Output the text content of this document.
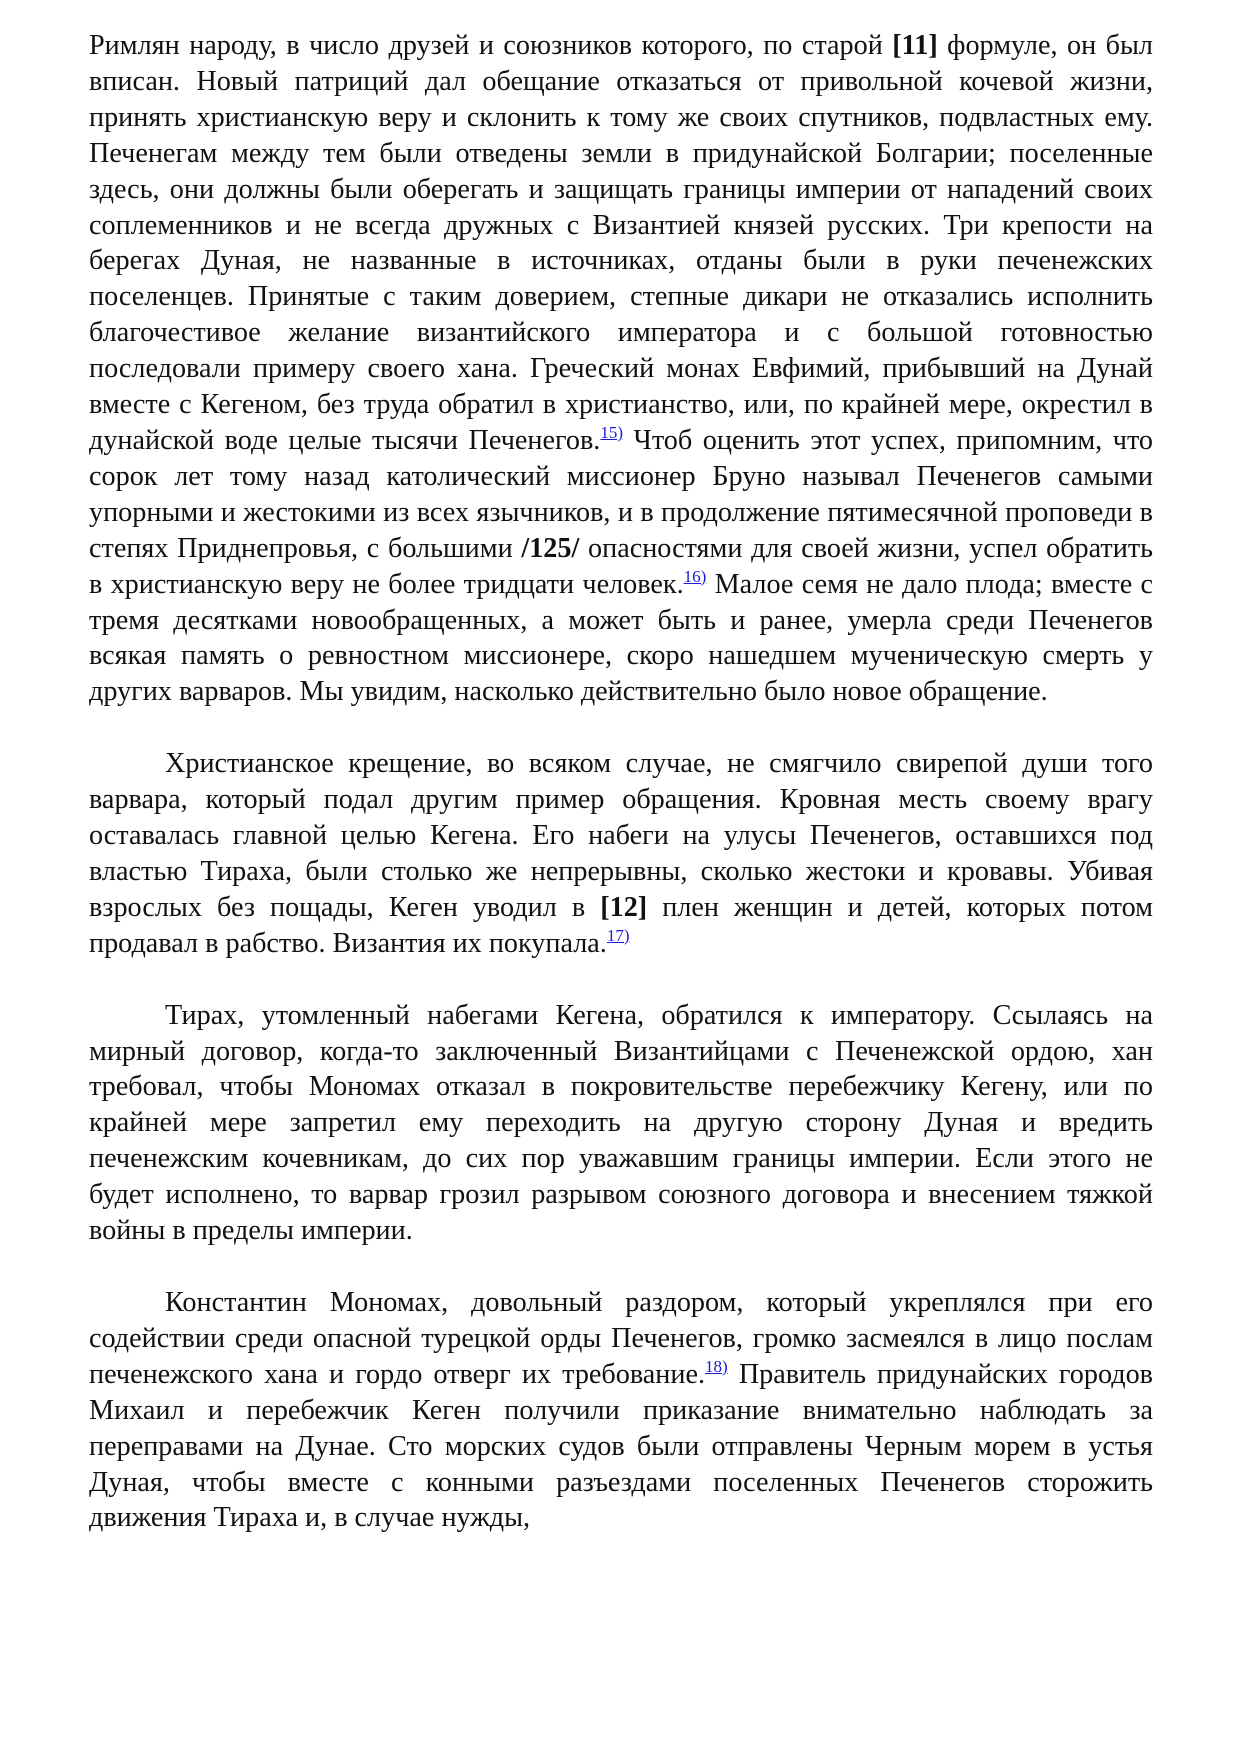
Римлян народу, в число друзей и союзников которого, по старой [11] формуле, он был вписан. Новый патриций дал обещание отказаться от привольной кочевой жизни, принять христианскую веру и склонить к тому же своих спутников, подвластных ему. Печенегам между тем были отведены земли в придунайской Болгарии; поселенные здесь, они должны были оберегать и защищать границы империи от нападений своих соплеменников и не всегда дружных с Византией князей русских. Три крепости на берегах Дуная, не названные в источниках, отданы были в руки печенежских поселенцев. Принятые с таким доверием, степные дикари не отказались исполнить благочестивое желание византийского императора и с большой готовностью последовали примеру своего хана. Греческий монах Евфимий, прибывший на Дунай вместе с Кегеном, без труда обратил в христианство, или, по крайней мере, окрестил в дунайской воде целые тысячи Печенегов.$^{15)}$ Чтоб оценить этот успех, припомним, что сорок лет тому назад католический миссионер Бруно называл Печенегов самыми упорными и жестокими из всех язычников, и в продолжение пятимесячной проповеди в степях Приднепровья, с большими /125/ опасностями для своей жизни, успел обратить в христианскую веру не более тридцати человек.$^{16)}$ Малое семя не дало плода; вместе с тремя десятками новообращенных, а может быть и ранее, умерла среди Печенегов всякая память о ревностном миссионере, скоро нашедшем мученическую смерть у других варваров. Мы увидим, насколько действительно было новое обращение.

Христианское крещение, во всяком случае, не смягчило свирепой души того варвара, который подал другим пример обращения. Кровная месть своему врагу оставалась главной целью Кегена. Его набеги на улусы Печенегов, оставшихся под властью Тираха, были столько же непрерывны, сколько жестоки и кровавы. Убивая взрослых без пощады, Кеген уводил в [12] плен женщин и детей, которых потом продавал в рабство. Византия их покупала.$^{17)}$

Тирах, утомленный набегами Кегена, обратился к императору. Ссылаясь на мирный договор, когда-то заключенный Византийцами с Печенежской ордою, хан требовал, чтобы Мономах отказал в покровительстве перебежчику Кегену, или по крайней мере запретил ему переходить на другую сторону Дуная и вредить печенежским кочевникам, до сих пор уважавшим границы империи. Если этого не будет исполнено, то варвар грозил разрывом союзного договора и внесением тяжкой войны в пределы империи.

Константин Мономах, довольный раздором, который укреплялся при его содействии среди опасной турецкой орды Печенегов, громко засмеялся в лицо послам печенежского хана и гордо отверг их требование.$^{18)}$ Правитель придунайских городов Михаил и перебежчик Кеген получили приказание внимательно наблюдать за переправами на Дунае. Сто морских судов были отправлены Черным морем в устья Дуная, чтобы вместе с конными разъездами поселенных Печенегов сторожить движения Тираха и, в случае нужды,
